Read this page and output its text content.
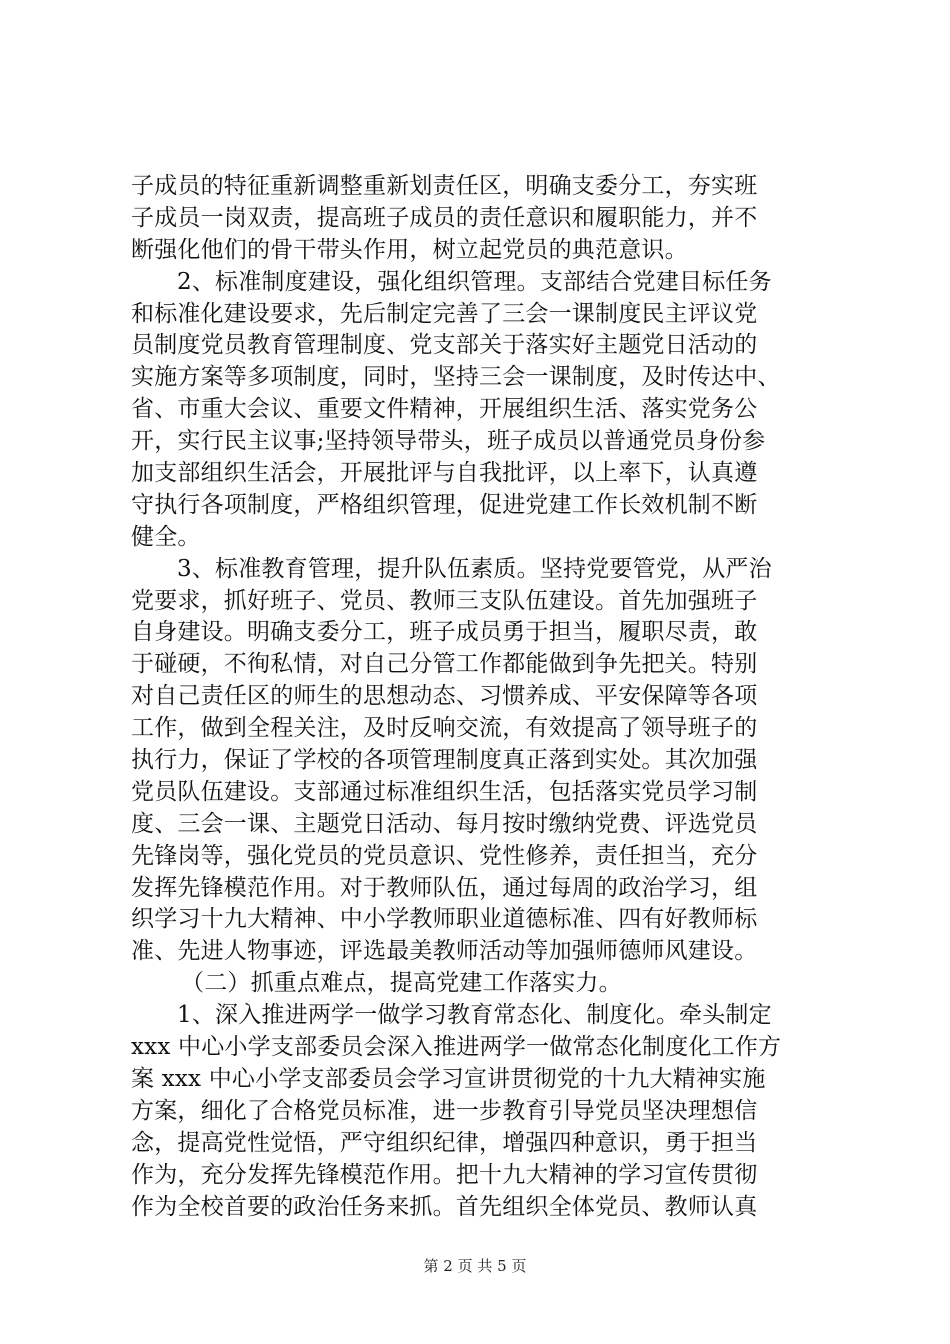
子成员的特征重新调整重新划责任区，明确支委分工，夯实班
子成员一岗双责，提高班子成员的责任意识和履职能力，并不
断强化他们的骨干带头作用，树立起党员的典范意识。
2、标准制度建设，强化组织管理。支部结合党建目标任务
和标准化建设要求，先后制定完善了三会一课制度民主评议党
员制度党员教育管理制度、党支部关于落实好主题党日活动的
实施方案等多项制度，同时，坚持三会一课制度，及时传达中、
省、市重大会议、重要文件精神，开展组织生活、落实党务公
开，实行民主议事;坚持领导带头，班子成员以普通党员身份参
加支部组织生活会，开展批评与自我批评，以上率下，认真遵
守执行各项制度，严格组织管理，促进党建工作长效机制不断
健全。
3、标准教育管理，提升队伍素质。坚持党要管党，从严治
党要求，抓好班子、党员、教师三支队伍建设。首先加强班子
自身建设。明确支委分工，班子成员勇于担当，履职尽责，敢
于碰硬，不徇私情，对自己分管工作都能做到争先把关。特别
对自己责任区的师生的思想动态、习惯养成、平安保障等各项
工作，做到全程关注，及时反响交流，有效提高了领导班子的
执行力，保证了学校的各项管理制度真正落到实处。其次加强
党员队伍建设。支部通过标准组织生活，包括落实党员学习制
度、三会一课、主题党日活动、每月按时缴纳党费、评选党员
先锋岗等，强化党员的党员意识、党性修养，责任担当，充分
发挥先锋模范作用。对于教师队伍，通过每周的政治学习，组
织学习十九大精神、中小学教师职业道德标准、四有好教师标
准、先进人物事迹，评选最美教师活动等加强师德师风建设。
（二）抓重点难点，提高党建工作落实力。
1、深入推进两学一做学习教育常态化、制度化。牵头制定
xxx 中心小学支部委员会深入推进两学一做常态化制度化工作方
案 xxx 中心小学支部委员会学习宣讲贯彻党的十九大精神实施
方案，细化了合格党员标准，进一步教育引导党员坚决理想信
念，提高党性觉悟，严守组织纪律，增强四种意识，勇于担当
作为，充分发挥先锋模范作用。把十九大精神的学习宣传贯彻
作为全校首要的政治任务来抓。首先组织全体党员、教师认真
第 2 页 共 5 页
